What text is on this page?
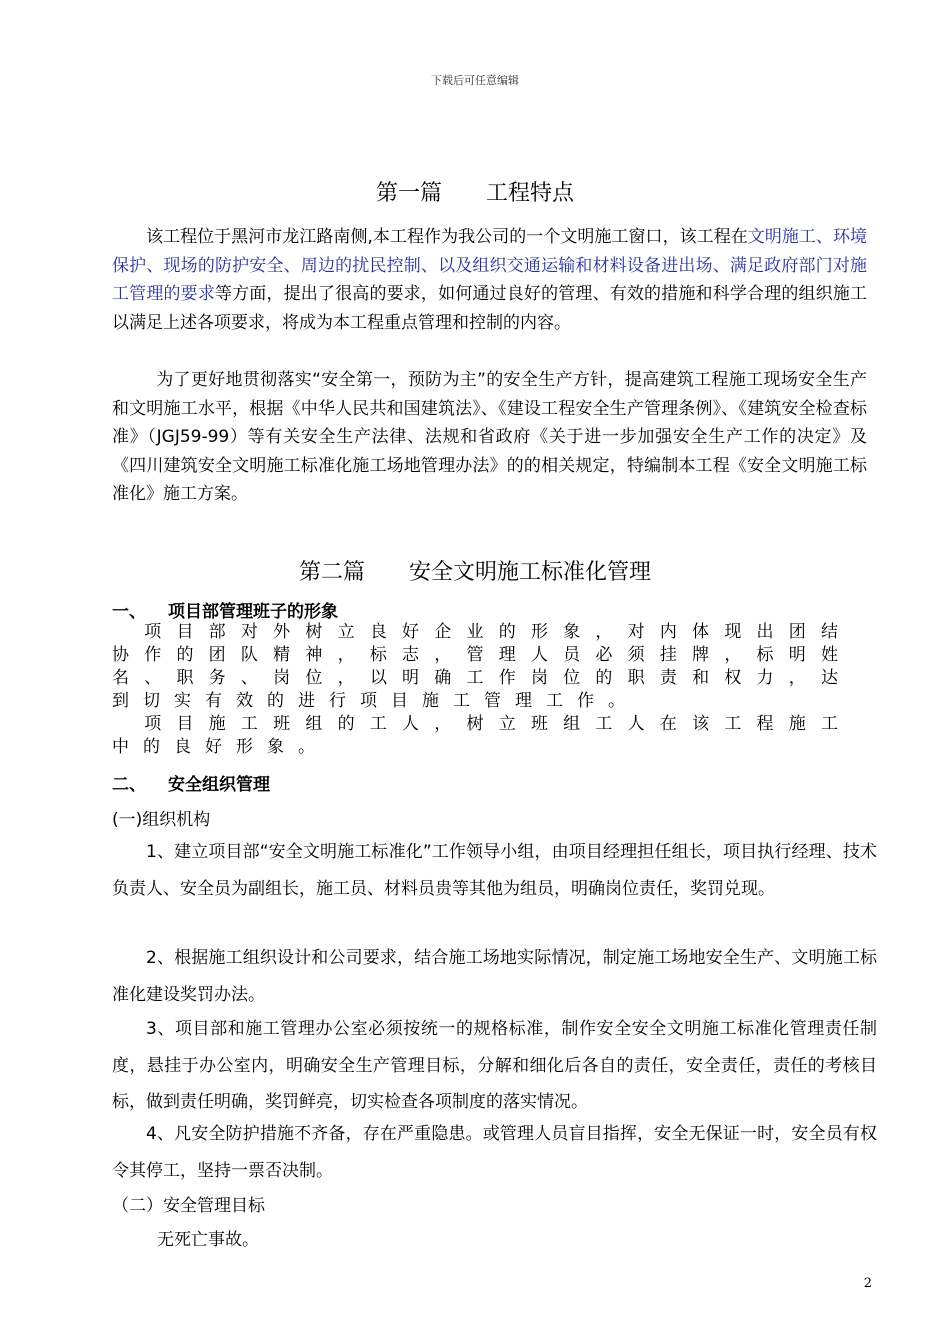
下载后可任意编辑
第一篇 工程特点
该工程位于黑河市龙江路南侧,本工程作为我公司的一个文明施工窗口，该工程在文明施工、环境保护、现场的防护安全、周边的扰民控制、以及组织交通运输和材料设备进出场、满足政府部门对施工管理的要求等方面，提出了很高的要求，如何通过良好的管理、有效的措施和科学合理的组织施工以满足上述各项要求，将成为本工程重点管理和控制的内容。
为了更好地贯彻落实“安全第一，预防为主”的安全生产方针，提高建筑工程施工现场安全生产和文明施工水平，根据《中华人民共和国建筑法》、《建设工程安全生产管理条例》、《建筑安全检查标准》（JGJ59-99）等有关安全生产法律、法规和省政府《关于进一步加强安全生产工作的决定》及《四川建筑安全文明施工标准化施工场地管理办法》的的相关规定，特编制本工程《安全文明施工标准化》施工方案。
第二篇 安全文明施工标准化管理
一、 项目部管理班子的形象
　项目部对外树立良好企业的形象，对内体现出团结协作的团队精神，标志，管理人员必须挂牌，标明姓名、职务、岗位，以明确工作岗位的职责和权力，达到切实有效的进行项目施工管理工作。
　项目施工班组的工人，树立班组工人在该工程施工中的良好形象。
二、 安全组织管理
(一)组织机构
1、建立项目部“安全文明施工标准化”工作领导小组，由项目经理担任组长，项目执行经理、技术负责人、安全员为副组长，施工员、材料员贵等其他为组员，明确岗位责任，奖罚兑现。
2、根据施工组织设计和公司要求，结合施工场地实际情况，制定施工场地安全生产、文明施工标准化建设奖罚办法。
3、项目部和施工管理办公室必须按统一的规格标准，制作安全安全文明施工标准化管理责任制度，悬挂于办公室内，明确安全生产管理目标，分解和细化后各自的责任，安全责任，责任的考核目标，做到责任明确，奖罚鲜亮，切实检查各项制度的落实情况。
4、凡安全防护措施不齐备，存在严重隐患。或管理人员盲目指挥，安全无保证一时，安全员有权令其停工，坚持一票否决制。
（二）安全管理目标
无死亡事故。
2
